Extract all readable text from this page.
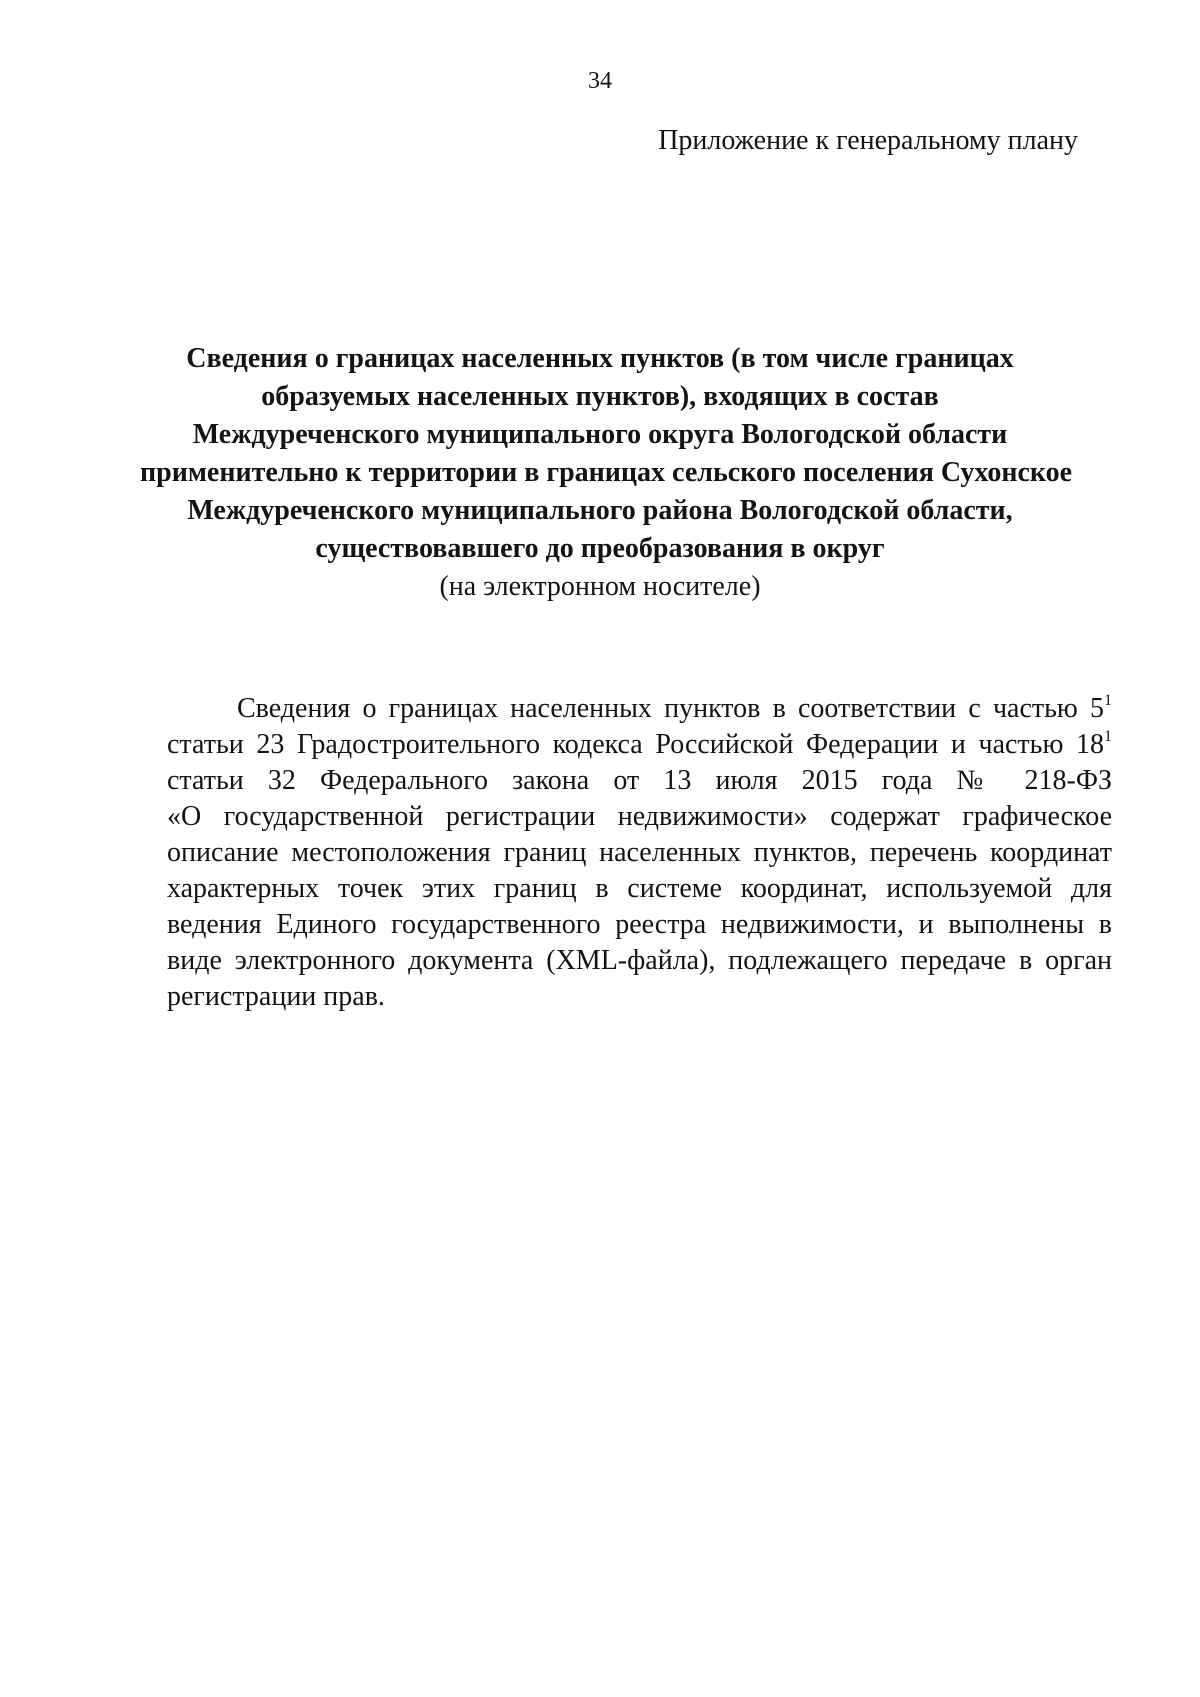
34
Приложение к генеральному плану
Сведения о границах населенных пунктов (в том числе границах
образуемых населенных пунктов), входящих в состав
Междуреченского муниципального округа Вологодской области
применительно к территории в границах сельского поселения Сухонское
Междуреченского муниципального района Вологодской области,
существовавшего до преобразования в округ
(на электронном носителе)
Сведения о границах населенных пунктов в соответствии с частью $5^1$
статьи 23 Градостроительного кодекса Российской Федерации и частью $18^1$
статьи 32 Федерального закона от 13 июля 2015 года № 218-ФЗ
«О государственной регистрации недвижимости» содержат графическое
описание местоположения границ населенных пунктов, перечень координат
характерных точек этих границ в системе координат, используемой для
ведения Единого государственного реестра недвижимости, и выполнены в
виде электронного документа (XML-файла), подлежащего передаче в орган
регистрации прав.
